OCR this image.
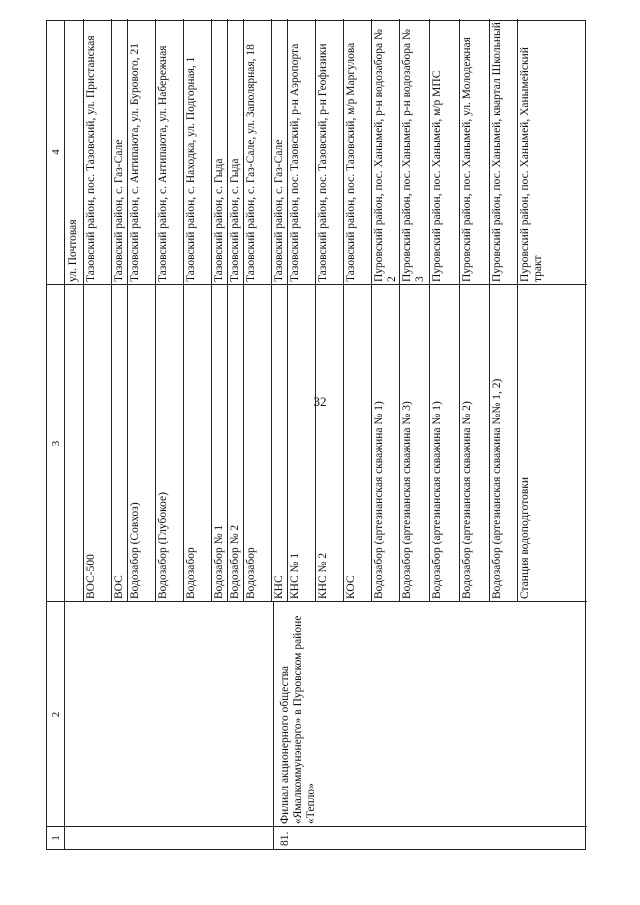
1
2
3
4
81.
Филиал акционерного общества «Ямалкоммунэнерго» в Пуровском районе «Тепло»
ул. Почтовая
ВОС-500
Тазовский район, пос. Тазовский, ул. Пристанская
ВОС
Тазовский район, с. Газ-Сале
Водозабор (Совхоз)
Тазовский район, с. Антипаюта, ул. Бурового, 21
Водозабор (Глубокое)
Тазовский район, с. Антипаюта, ул. Набережная
Водозабор
Тазовский район, с. Находка, ул. Подгорная, 1
Водозабор № 1
Тазовский район, с. Гыда
Водозабор № 2
Тазовский район, с. Гыда
Водозабор
Тазовский район, с. Газ-Сале, ул. Заполярная, 18
КНС
Тазовский район, с. Газ-Сале
КНС № 1
Тазовский район, пос. Тазовский, р-н Аэропорта
КНС № 2
Тазовский район, пос. Тазовский, р-н Геофизики
КОС
Тазовский район, пос. Тазовский, м/р Маргулова
Водозабор (артезианская скважина № 1)
Пуровский район, пос. Ханымей, р-н водозабора № 2
Водозабор (артезианская скважина № 3)
Пуровский район, пос. Ханымей, р-н водозабора № 3
Водозабор (артезианская скважина № 1)
Пуровский район, пос. Ханымей, м/р МПС
Водозабор (артезианская скважина № 2)
Пуровский район, пос. Ханымей, ул. Молодежная
Водозабор (артезианская скважина №№ 1, 2)
Пуровский район, пос. Ханымей, квартал Школьный
Станция водоподготовки
Пуровский район, пос. Ханымей, Ханымейский тракт
32
